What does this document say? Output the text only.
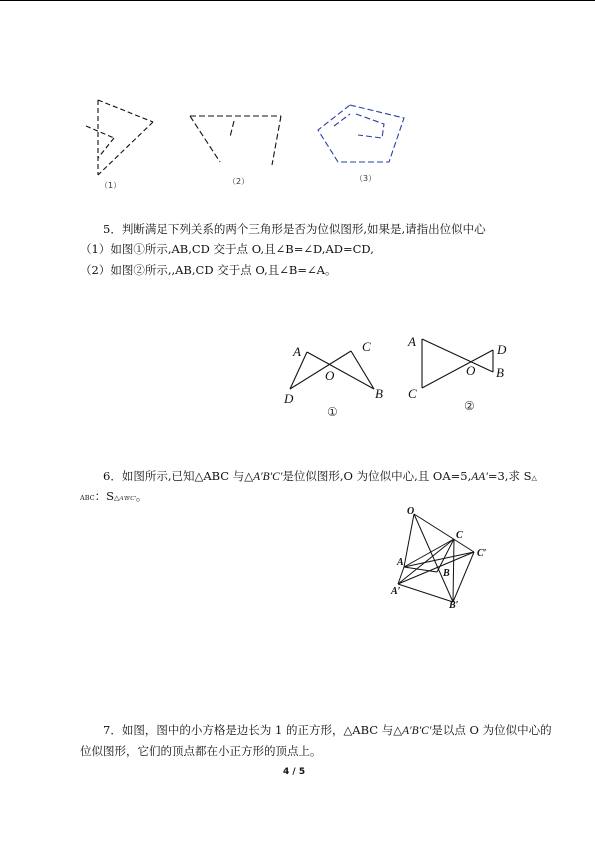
（1）	（2）	（3）
5．判断满足下列关系的两个三角形是否为位似图形,如果是,请指出位似中心
（1）如图①所示,AB,CD 交于点 O,且∠B=∠D,AD=CD,
（2）如图②所示,,AB,CD 交于点 O,且∠B=∠A。
A	C
O
D	B
①
A
D
O B
C
②
6．如图所示,已知△ABC 与△A′B′C′是位似图形,O 为位似中心,且 OA=5,AA′=3,求 S△
ABC：S△A′B′C′。
O
C
C′
A
B
A′
B′
7．如图，图中的小方格是边长为 1 的正方形，△ABC 与△A′B′C′是以点 O 为位似中心的
位似图形，它们的顶点都在小正方形的顶点上。
4 / 5
